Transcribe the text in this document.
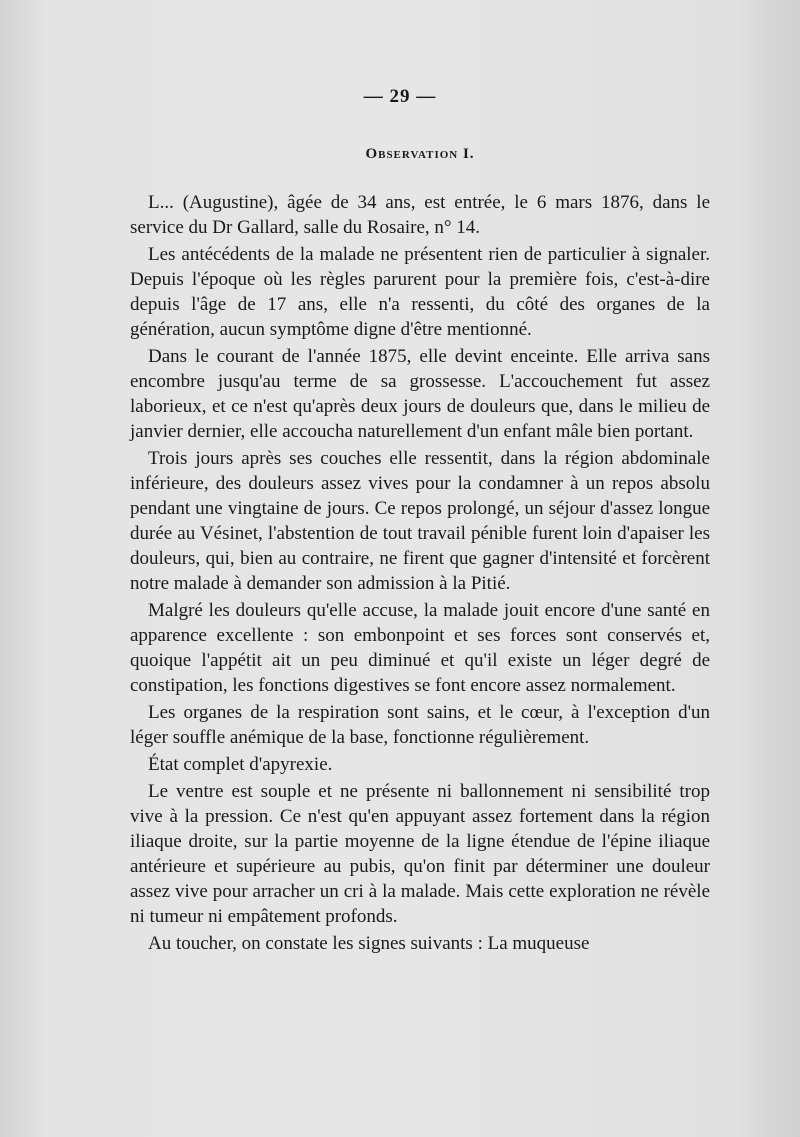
— 29 —
Observation I.

L... (Augustine), âgée de 34 ans, est entrée, le 6 mars 1876, dans le service du Dr Gallard, salle du Rosaire, n° 14.

Les antécédents de la malade ne présentent rien de particulier à signaler. Depuis l'époque où les règles parurent pour la première fois, c'est-à-dire depuis l'âge de 17 ans, elle n'a ressenti, du côté des organes de la génération, aucun symptôme digne d'être mentionné.

Dans le courant de l'année 1875, elle devint enceinte. Elle arriva sans encombre jusqu'au terme de sa grossesse. L'accouchement fut assez laborieux, et ce n'est qu'après deux jours de douleurs que, dans le milieu de janvier dernier, elle accoucha naturellement d'un enfant mâle bien portant.

Trois jours après ses couches elle ressentit, dans la région abdominale inférieure, des douleurs assez vives pour la condamner à un repos absolu pendant une vingtaine de jours. Ce repos prolongé, un séjour d'assez longue durée au Vésinet, l'abstention de tout travail pénible furent loin d'apaiser les douleurs, qui, bien au contraire, ne firent que gagner d'intensité et forcèrent notre malade à demander son admission à la Pitié.

Malgré les douleurs qu'elle accuse, la malade jouit encore d'une santé en apparence excellente : son embonpoint et ses forces sont conservés et, quoique l'appétit ait un peu diminué et qu'il existe un léger degré de constipation, les fonctions digestives se font encore assez normalement.

Les organes de la respiration sont sains, et le cœur, à l'exception d'un léger souffle anémique de la base, fonctionne régulièrement.

État complet d'apyrexie.

Le ventre est souple et ne présente ni ballonnement ni sensibilité trop vive à la pression. Ce n'est qu'en appuyant assez fortement dans la région iliaque droite, sur la partie moyenne de la ligne étendue de l'épine iliaque antérieure et supérieure au pubis, qu'on finit par déterminer une douleur assez vive pour arracher un cri à la malade. Mais cette exploration ne révèle ni tumeur ni empâtement profonds.

Au toucher, on constate les signes suivants : La muqueuse
